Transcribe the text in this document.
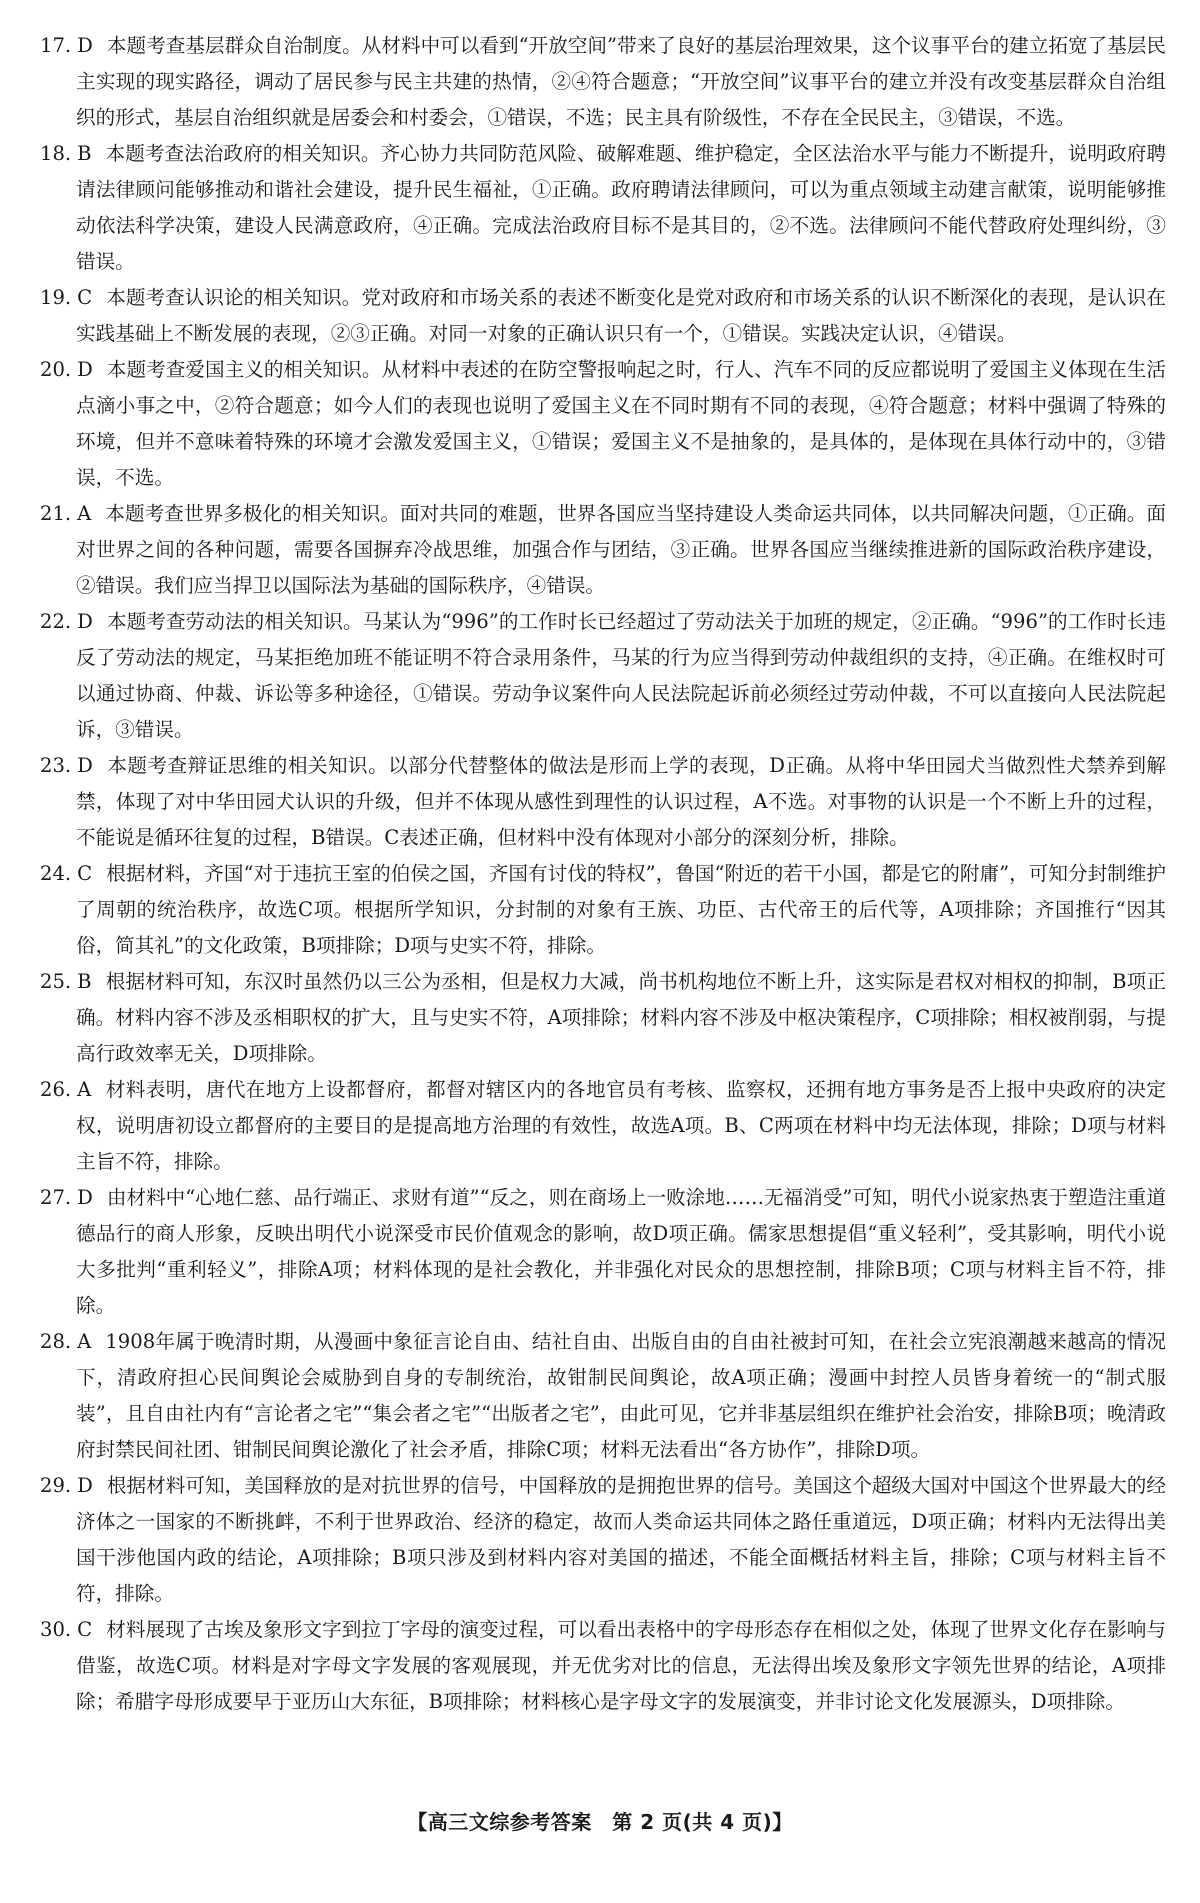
17. D 本题考查基层群众自治制度。从材料中可以看到“开放空间”带来了良好的基层治理效果，这个议事平台的建立拓宽了基层民主实现的现实路径，调动了居民参与民主共建的热情，②④符合题意；“开放空间”议事平台的建立并没有改变基层群众自治组织的形式，基层自治组织就是居委会和村委会，①错误，不选；民主具有阶级性，不存在全民民主，③错误，不选。
18. B 本题考查法治政府的相关知识。齐心协力共同防范风险、破解难题、维护稳定，全区法治水平与能力不断提升，说明政府聘请法律顾问能够推动和谐社会建设，提升民生福祉，①正确。政府聘请法律顾问，可以为重点领域主动建言献策，说明能够推动依法科学决策，建设人民满意政府，④正确。完成法治政府目标不是其目的，②不选。法律顾问不能代替政府处理纠纷，③错误。
19. C 本题考查认识论的相关知识。党对政府和市场关系的表述不断变化是党对政府和市场关系的认识不断深化的表现，是认识在实践基础上不断发展的表现，②③正确。对同一对象的正确认识只有一个，①错误。实践决定认识，④错误。
20. D 本题考查爱国主义的相关知识。从材料中表述的在防空警报响起之时，行人、汽车不同的反应都说明了爱国主义体现在生活点滴小事之中，②符合题意；如今人们的表现也说明了爱国主义在不同时期有不同的表现，④符合题意；材料中强调了特殊的环境，但并不意味着特殊的环境才会激发爱国主义，①错误；爱国主义不是抽象的，是具体的，是体现在具体行动中的，③错误，不选。
21. A 本题考查世界多极化的相关知识。面对共同的难题，世界各国应当坚持建设人类命运共同体，以共同解决问题，①正确。面对世界之间的各种问题，需要各国摒弃冷战思维，加强合作与团结，③正确。世界各国应当继续推进新的国际政治秩序建设，②错误。我们应当捍卫以国际法为基础的国际秩序，④错误。
22. D 本题考查劳动法的相关知识。马某认为“996”的工作时长已经超过了劳动法关于加班的规定，②正确。“996”的工作时长违反了劳动法的规定，马某拒绝加班不能证明不符合录用条件，马某的行为应当得到劳动仲裁组织的支持，④正确。在维权时可以通过协商、仲裁、诉讼等多种途径，①错误。劳动争议案件向人民法院起诉前必须经过劳动仲裁，不可以直接向人民法院起诉，③错误。
23. D 本题考查辩证思维的相关知识。以部分代替整体的做法是形而上学的表现，D正确。从将中华田园犬当做烈性犬禁养到解禁，体现了对中华田园犬认识的升级，但并不体现从感性到理性的认识过程，A不选。对事物的认识是一个不断上升的过程，不能说是循环往复的过程，B错误。C表述正确，但材料中没有体现对小部分的深刻分析，排除。
24. C 根据材料，齐国“对于违抗王室的伯侯之国，齐国有讨伐的特权”，鲁国“附近的若干小国，都是它的附庸”，可知分封制维护了周朝的统治秩序，故选C项。根据所学知识，分封制的对象有王族、功臣、古代帝王的后代等，A项排除；齐国推行“因其俗，简其礼”的文化政策，B项排除；D项与史实不符，排除。
25. B 根据材料可知，东汉时虽然仍以三公为丞相，但是权力大减，尚书机构地位不断上升，这实际是君权对相权的抑制，B项正确。材料内容不涉及丞相职权的扩大，且与史实不符，A项排除；材料内容不涉及中枢决策程序，C项排除；相权被削弱，与提高行政效率无关，D项排除。
26. A 材料表明，唐代在地方上设都督府，都督对辖区内的各地官员有考核、监察权，还拥有地方事务是否上报中央政府的决定权，说明唐初设立都督府的主要目的是提高地方治理的有效性，故选A项。B、C两项在材料中均无法体现，排除；D项与材料主旨不符，排除。
27. D 由材料中“心地仁慈、品行端正、求财有道”“反之，则在商场上一败涂地……无福消受”可知，明代小说家热衷于塑造注重道德品行的商人形象，反映出明代小说深受市民价值观念的影响，故D项正确。儒家思想提倡“重义轻利”，受其影响，明代小说大多批判“重利轻义”，排除A项；材料体现的是社会教化，并非强化对民众的思想控制，排除B项；C项与材料主旨不符，排除。
28. A 1908年属于晚清时期，从漫画中象征言论自由、结社自由、出版自由的自由社被封可知，在社会立宪浪潮越来越高的情况下，清政府担心民间舆论会威胁到自身的专制统治，故钳制民间舆论，故A项正确；漫画中封控人员皆身着统一的“制式服装”，且自由社内有“言论者之宅”“集会者之宅”“出版者之宅”，由此可见，它并非基层组织在维护社会治安，排除B项；晚清政府封禁民间社团、钳制民间舆论激化了社会矛盾，排除C项；材料无法看出“各方协作”，排除D项。
29. D 根据材料可知，美国释放的是对抗世界的信号，中国释放的是拥抱世界的信号。美国这个超级大国对中国这个世界最大的经济体之一国家的不断挑衅，不利于世界政治、经济的稳定，故而人类命运共同体之路任重道远，D项正确；材料内无法得出美国干涉他国内政的结论，A项排除；B项只涉及到材料内容对美国的描述，不能全面概括材料主旨，排除；C项与材料主旨不符，排除。
30. C 材料展现了古埃及象形文字到拉丁字母的演变过程，可以看出表格中的字母形态存在相似之处，体现了世界文化存在影响与借鉴，故选C项。材料是对字母文字发展的客观展现，并无优劣对比的信息，无法得出埃及象形文字领先世界的结论，A项排除；希腊字母形成要早于亚历山大东征，B项排除；材料核心是字母文字的发展演变，并非讨论文化发展源头，D项排除。
【高三文综参考答案　第 2 页(共 4 页)】
